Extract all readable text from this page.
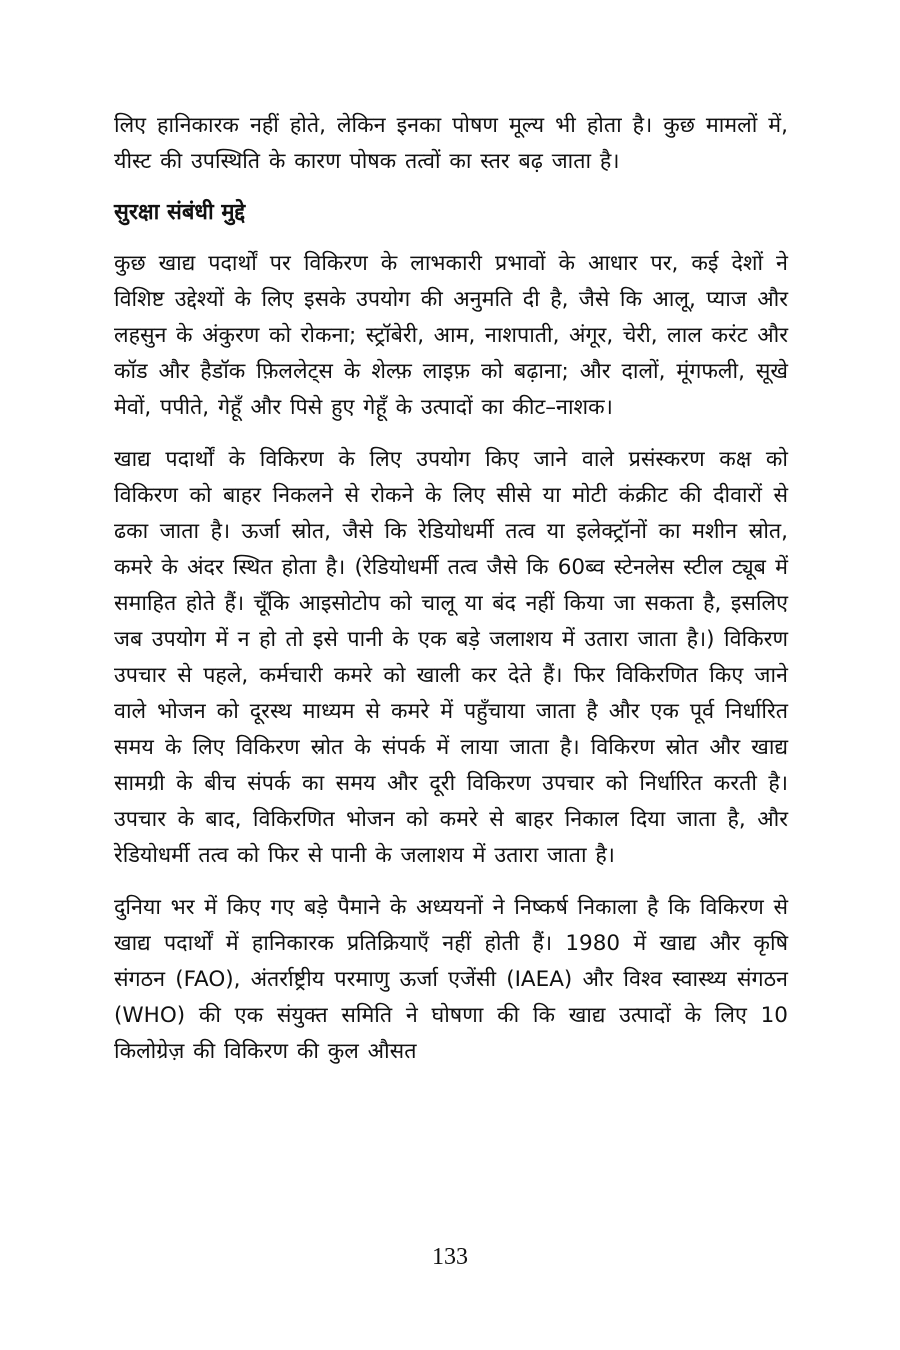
लिए हानिकारक नहीं होते, लेकिन इनका पोषण मूल्य भी होता है। कुछ मामलों में, यीस्ट की उपस्थिति के कारण पोषक तत्वों का स्तर बढ़ जाता है।

सुरक्षा संबंधी मुद्दे

कुछ खाद्य पदार्थों पर विकिरण के लाभकारी प्रभावों के आधार पर, कई देशों ने विशिष्ट उद्देश्यों के लिए इसके उपयोग की अनुमति दी है, जैसे कि आलू, प्याज और लहसुन के अंकुरण को रोकना; स्ट्रॉबेरी, आम, नाशपाती, अंगूर, चेरी, लाल करंट और कॉड और हैडॉक फ़िललेट्स के शेल्फ़ लाइफ़ को बढ़ाना; और दालों, मूंगफली, सूखे मेवों, पपीते, गेहूँ और पिसे हुए गेहूँ के उत्पादों का कीट–नाशक।

खाद्य पदार्थों के विकिरण के लिए उपयोग किए जाने वाले प्रसंस्करण कक्ष को विकिरण को बाहर निकलने से रोकने के लिए सीसे या मोटी कंक्रीट की दीवारों से ढका जाता है। ऊर्जा स्रोत, जैसे कि रेडियोधर्मी तत्व या इलेक्ट्रॉनों का मशीन स्रोत, कमरे के अंदर स्थित होता है। (रेडियोधर्मी तत्व जैसे कि 60ब्व स्टेनलेस स्टील ट्यूब में समाहित होते हैं। चूँकि आइसोटोप को चालू या बंद नहीं किया जा सकता है, इसलिए जब उपयोग में न हो तो इसे पानी के एक बड़े जलाशय में उतारा जाता है।) विकिरण उपचार से पहले, कर्मचारी कमरे को खाली कर देते हैं। फिर विकिरणित किए जाने वाले भोजन को दूरस्थ माध्यम से कमरे में पहुँचाया जाता है और एक पूर्व निर्धारित समय के लिए विकिरण स्रोत के संपर्क में लाया जाता है। विकिरण स्रोत और खाद्य सामग्री के बीच संपर्क का समय और दूरी विकिरण उपचार को निर्धारित करती है। उपचार के बाद, विकिरणित भोजन को कमरे से बाहर निकाल दिया जाता है, और रेडियोधर्मी तत्व को फिर से पानी के जलाशय में उतारा जाता है।

दुनिया भर में किए गए बड़े पैमाने के अध्ययनों ने निष्कर्ष निकाला है कि विकिरण से खाद्य पदार्थों में हानिकारक प्रतिक्रियाएँ नहीं होती हैं। 1980 में खाद्य और कृषि संगठन (FAO), अंतर्राष्ट्रीय परमाणु ऊर्जा एजेंसी (IAEA) और विश्व स्वास्थ्य संगठन (WHO) की एक संयुक्त समिति ने घोषणा की कि खाद्य उत्पादों के लिए 10 किलोग्रेज़ की विकिरण की कुल औसत

133
